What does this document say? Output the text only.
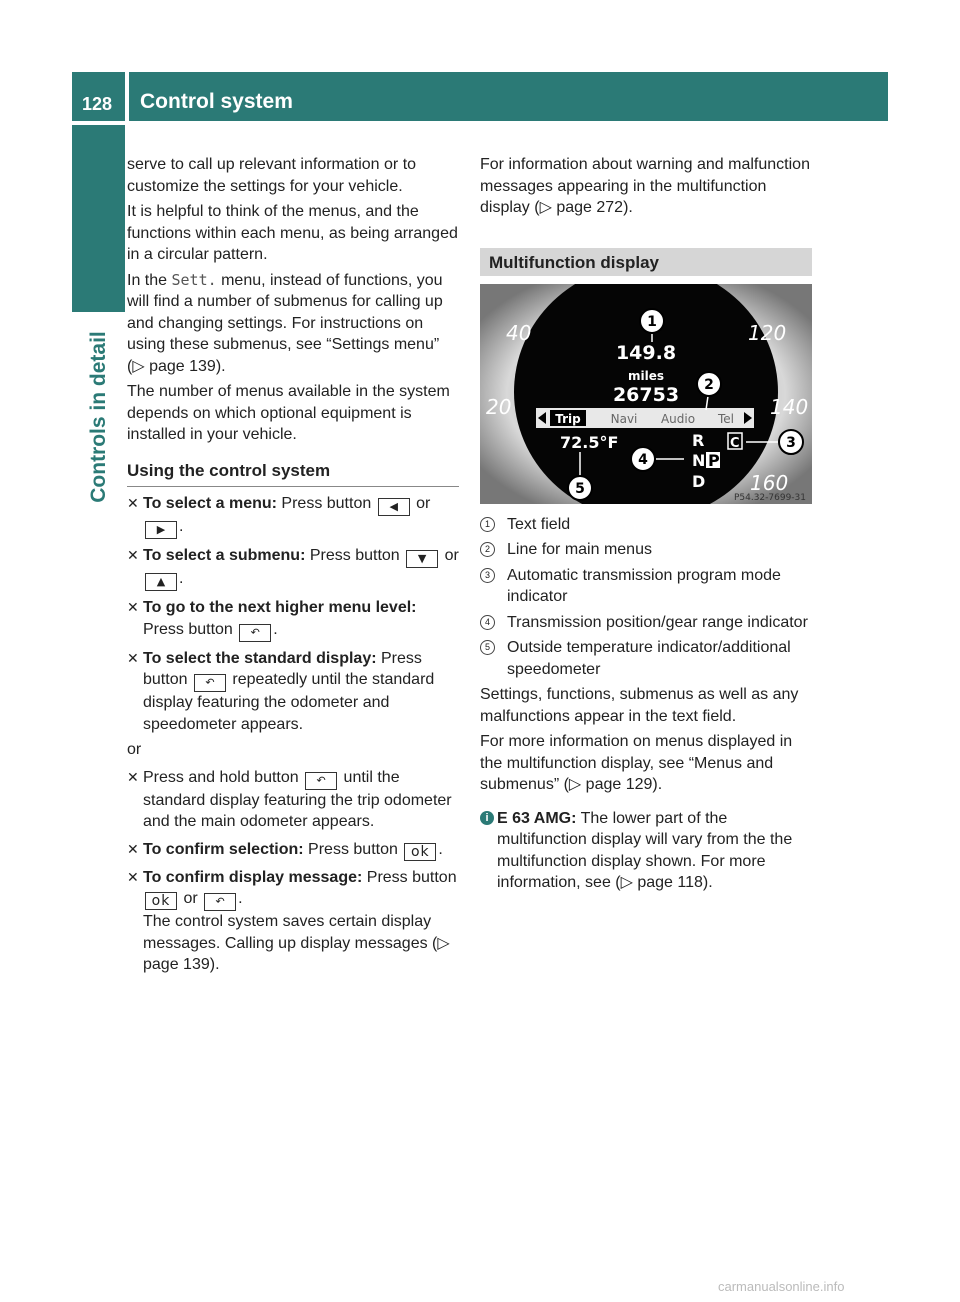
128 Control system
Controls in detail

serve to call up relevant information or to customize the settings for your vehicle.

It is helpful to think of the menus, and the functions within each menu, as being arranged in a circular pattern.

In the Sett. menu, instead of functions, you will find a number of submenus for calling up and changing settings. For instructions on using these submenus, see “Settings menu” (▷ page 139).

The number of menus available in the system depends on which optional equipment is installed in your vehicle.

Using the control system
✕ To select a menu: Press button ◀ or ▶ .
✕ To select a submenu: Press button ▼ or ▲ .
✕ To go to the next higher menu level: Press button ↶ .
✕ To select the standard display: Press button ↶ repeatedly until the standard display featuring the odometer and speedometer appears.
or
✕ Press and hold button ↶ until the standard display featuring the trip odometer and the main odometer appears.
✕ To confirm selection: Press button ok .
✕ To confirm display message: Press button ok or ↶ .
The control system saves certain display messages. Calling up display messages (▷ page 139).

For information about warning and malfunction messages appearing in the multifunction display (▷ page 272).

Multifunction display
40
20
120
140
160
149.8
miles
26753
Trip Navi Audio Tel
72.5°F	R
N P
D
C
1
2
3
4
5
P54.32-7699-31
1	Text field
2	Line for main menus
3	Automatic transmission program mode indicator
4	Transmission position/gear range indicator
5	Outside temperature indicator/additional speedometer

Settings, functions, submenus as well as any malfunctions appear in the text field.

For more information on menus displayed in the multifunction display, see “Menus and submenus” (▷ page 129).

i E 63 AMG: The lower part of the multifunction display will vary from the the multifunction display shown. For more information, see (▷ page 118).
carmanualsonline.info
